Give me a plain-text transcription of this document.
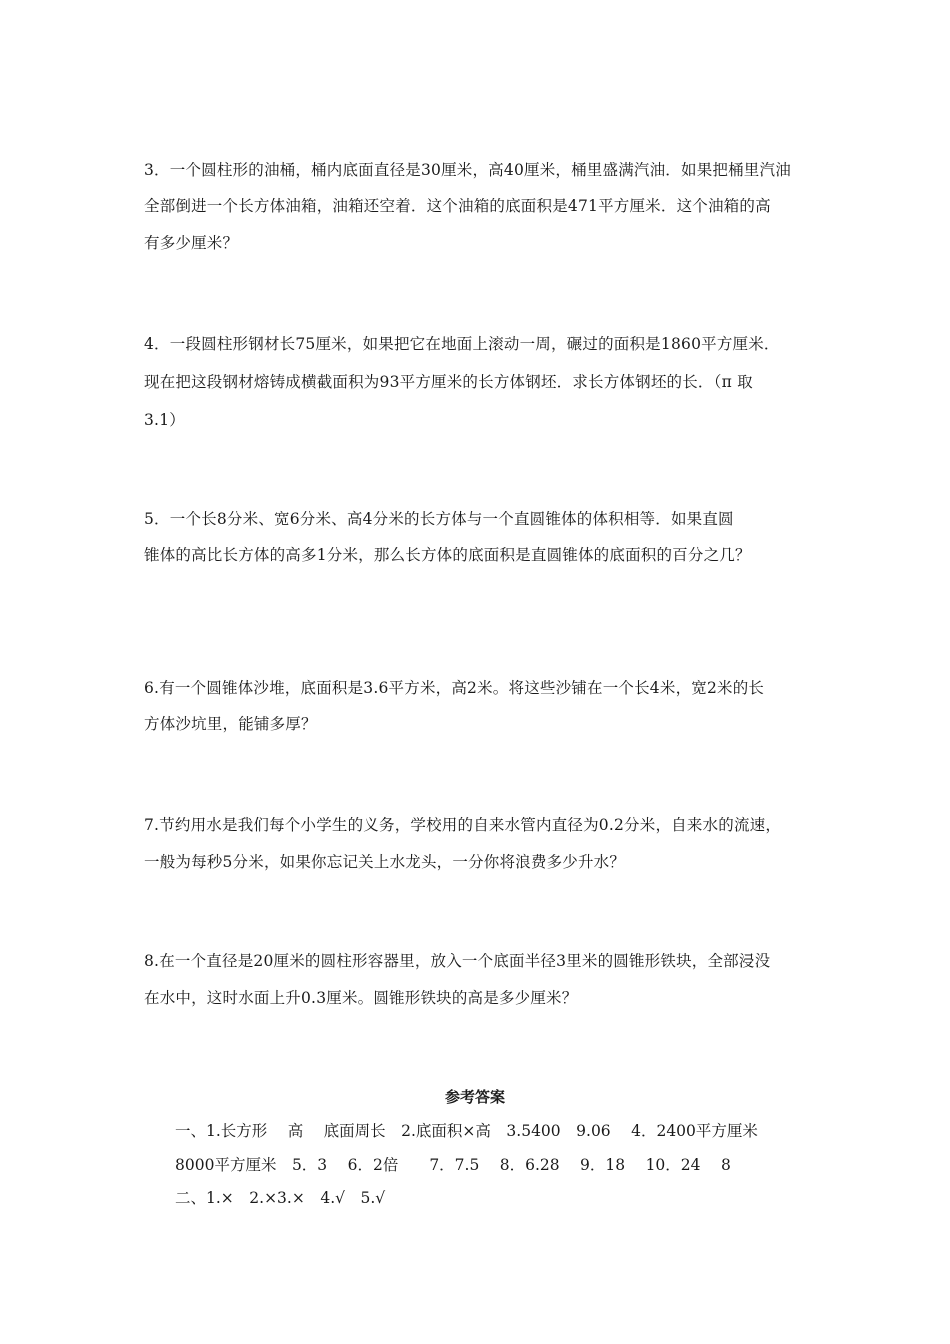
3．一个圆柱形的油桶，桶内底面直径是30厘米，高40厘米，桶里盛满汽油．如果把桶里汽油
全部倒进一个长方体油箱，油箱还空着．这个油箱的底面积是471平方厘米．这个油箱的高
有多少厘米？
4．一段圆柱形钢材长75厘米，如果把它在地面上滚动一周，碾过的面积是1860平方厘米．
现在把这段钢材熔铸成横截面积为93平方厘米的长方体钢坯．求长方体钢坯的长．（π 取
3.1）
5．一个长8分米、宽6分米、高4分米的长方体与一个直圆锥体的体积相等．如果直圆
锥体的高比长方体的高多1分米，那么长方体的底面积是直圆锥体的底面积的百分之几？
6.有一个圆锥体沙堆，底面积是3.6平方米，高2米。将这些沙铺在一个长4米，宽2米的长
方体沙坑里，能铺多厚？
7.节约用水是我们每个小学生的义务，学校用的自来水管内直径为0.2分米，自来水的流速，
一般为每秒5分米，如果你忘记关上水龙头，一分你将浪费多少升水？
8.在一个直径是20厘米的圆柱形容器里，放入一个底面半径3里米的圆锥形铁块，全部浸没
在水中，这时水面上升0.3厘米。圆锥形铁块的高是多少厘米？
参考答案
一、1.长方形　 高　 底面周长　2.底面积×高　3.5400　9.06　 4．2400平方厘米
8000平方厘米　5．3　 6．2倍　　7．7.5　 8．6.28　 9．18　 10．24　 8
二、1.×　2.×3.×　4.√　5.√
